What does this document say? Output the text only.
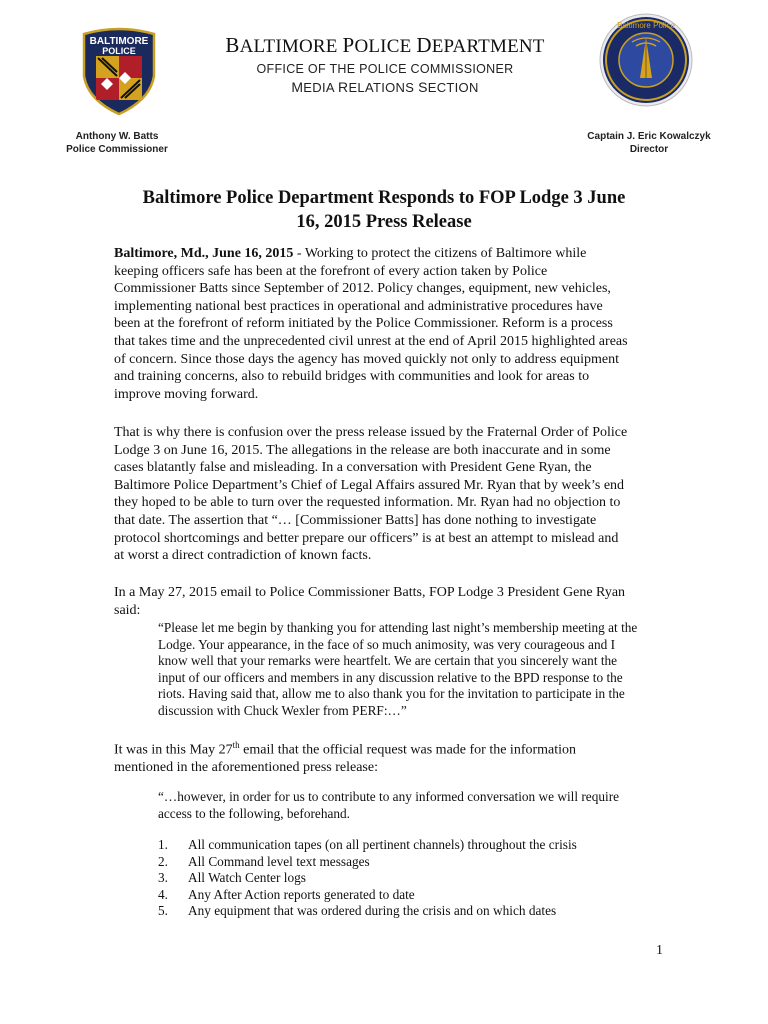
BALTIMORE
POLICE
Baltimore Police
BALTIMORE POLICE DEPARTMENT
OFFICE OF THE POLICE COMMISSIONER
MEDIA RELATIONS SECTION
Anthony W. Batts
Police Commissioner
Captain J. Eric Kowalczyk
Director
Baltimore Police Department Responds to FOP Lodge 3 June
16, 2015 Press Release
Baltimore, Md., June 16, 2015 - Working to protect the citizens of Baltimore while
keeping officers safe has been at the forefront of every action taken by Police
Commissioner Batts since September of 2012. Policy changes, equipment, new vehicles,
implementing national best practices in operational and administrative procedures have
been at the forefront of reform initiated by the Police Commissioner. Reform is a process
that takes time and the unprecedented civil unrest at the end of April 2015 highlighted areas
of concern. Since those days the agency has moved quickly not only to address equipment
and training concerns, also to rebuild bridges with communities and look for areas to
improve moving forward.
That is why there is confusion over the press release issued by the Fraternal Order of Police
Lodge 3 on June 16, 2015. The allegations in the release are both inaccurate and in some
cases blatantly false and misleading. In a conversation with President Gene Ryan, the
Baltimore Police Department’s Chief of Legal Affairs assured Mr. Ryan that by week’s end
they hoped to be able to turn over the requested information. Mr. Ryan had no objection to
that date. The assertion that “… [Commissioner Batts] has done nothing to investigate
protocol shortcomings and better prepare our officers” is at best an attempt to mislead and
at worst a direct contradiction of known facts.
In a May 27, 2015 email to Police Commissioner Batts, FOP Lodge 3 President Gene Ryan
said:
“Please let me begin by thanking you for attending last night’s membership meeting at the
Lodge. Your appearance, in the face of so much animosity, was very courageous and I
know well that your remarks were heartfelt. We are certain that you sincerely want the
input of our officers and members in any discussion relative to the BPD response to the
riots. Having said that, allow me to also thank you for the invitation to participate in the
discussion with Chuck Wexler from PERF:…”
It was in this May 27th email that the official request was made for the information
mentioned in the aforementioned press release:
“…however, in order for us to contribute to any informed conversation we will require
access to the following, beforehand.
1.	All communication tapes (on all pertinent channels) throughout the crisis
2.	All Command level text messages
3.	All Watch Center logs
4.	Any After Action reports generated to date
5.	Any equipment that was ordered during the crisis and on which dates
1
